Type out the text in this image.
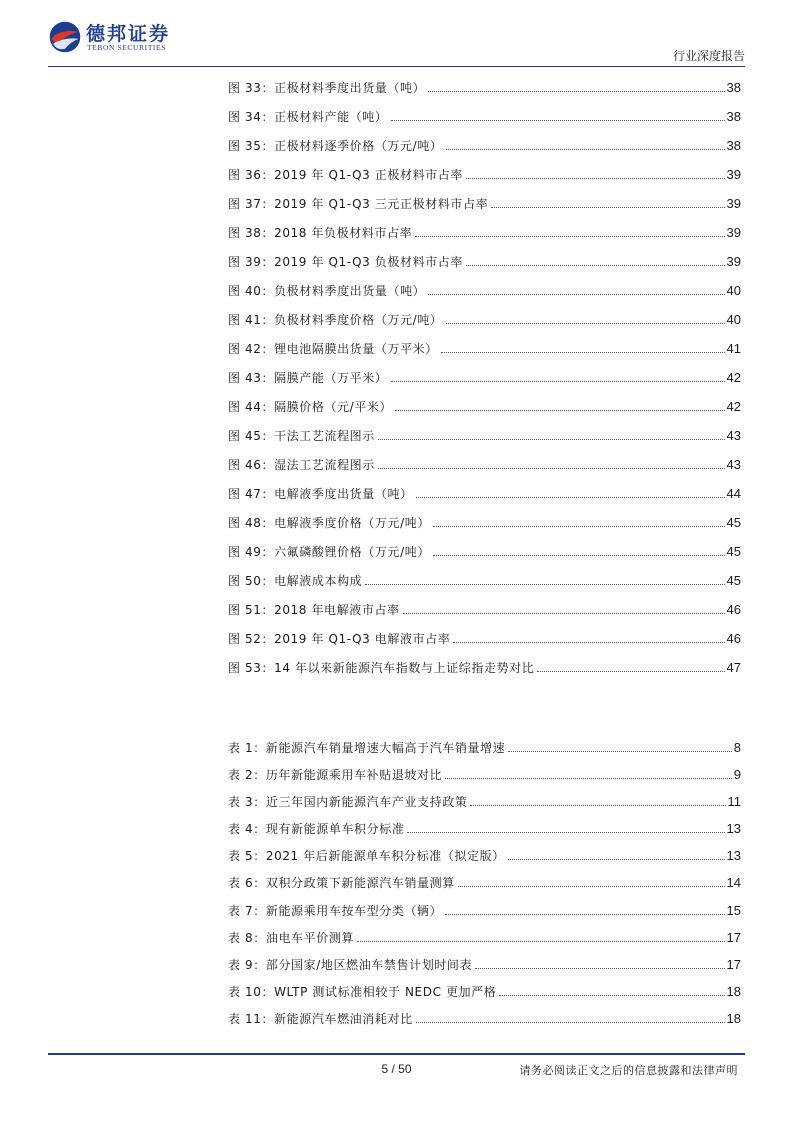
德邦证券
TEBON SECURITIES
行业深度报告
图 33：正极材料季度出货量（吨）	38
图 34：正极材料产能（吨）	38
图 35：正极材料逐季价格（万元/吨）	38
图 36：2019 年 Q1-Q3 正极材料市占率	39
图 37：2019 年 Q1-Q3 三元正极材料市占率	39
图 38：2018 年负极材料市占率	39
图 39：2019 年 Q1-Q3 负极材料市占率	39
图 40：负极材料季度出货量（吨）	40
图 41：负极材料季度价格（万元/吨）	40
图 42：锂电池隔膜出货量（万平米）	41
图 43：隔膜产能（万平米）	42
图 44：隔膜价格（元/平米）	42
图 45：干法工艺流程图示	43
图 46：湿法工艺流程图示	43
图 47：电解液季度出货量（吨）	44
图 48：电解液季度价格（万元/吨）	45
图 49：六氟磷酸锂价格（万元/吨）	45
图 50：电解液成本构成	45
图 51：2018 年电解液市占率	46
图 52：2019 年 Q1-Q3 电解液市占率	46
图 53：14 年以来新能源汽车指数与上证综指走势对比	47
表 1：新能源汽车销量增速大幅高于汽车销量增速	8
表 2：历年新能源乘用车补贴退坡对比	9
表 3：近三年国内新能源汽车产业支持政策	11
表 4：现有新能源单车积分标准	13
表 5：2021 年后新能源单车积分标准（拟定版）	13
表 6：双积分政策下新能源汽车销量测算	14
表 7：新能源乘用车按车型分类（辆）	15
表 8：油电车平价测算	17
表 9：部分国家/地区燃油车禁售计划时间表	17
表 10：WLTP 测试标准相较于 NEDC 更加严格	18
表 11：新能源汽车燃油消耗对比	18
5 / 50	请务必阅读正文之后的信息披露和法律声明
